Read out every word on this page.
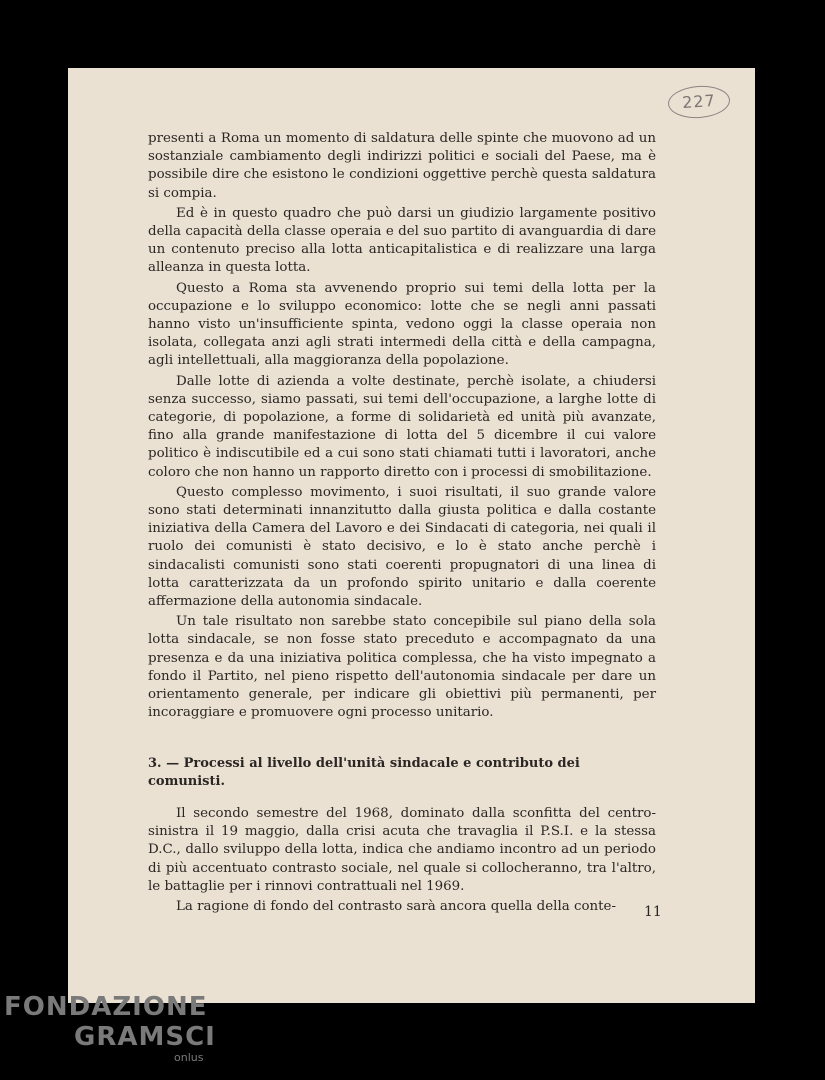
227

presenti a Roma un momento di saldatura delle spinte che muovono ad un sostanziale cambiamento degli indirizzi politici e sociali del Paese, ma è possibile dire che esistono le condizioni oggettive perchè questa saldatura si compia.

Ed è in questo quadro che può darsi un giudizio largamente positivo della capacità della classe operaia e del suo partito di avanguardia di dare un contenuto preciso alla lotta anticapitalistica e di realizzare una larga alleanza in questa lotta.

Questo a Roma sta avvenendo proprio sui temi della lotta per la occupazione e lo sviluppo economico: lotte che se negli anni passati hanno visto un'insufficiente spinta, vedono oggi la classe operaia non isolata, collegata anzi agli strati intermedi della città e della campagna, agli intellettuali, alla maggioranza della popolazione.

Dalle lotte di azienda a volte destinate, perchè isolate, a chiudersi senza successo, siamo passati, sui temi dell'occupazione, a larghe lotte di categorie, di popolazione, a forme di solidarietà ed unità più avanzate, fino alla grande manifestazione di lotta del 5 dicembre il cui valore politico è indiscutibile ed a cui sono stati chiamati tutti i lavoratori, anche coloro che non hanno un rapporto diretto con i processi di smobilitazione.

Questo complesso movimento, i suoi risultati, il suo grande valore sono stati determinati innanzitutto dalla giusta politica e dalla costante iniziativa della Camera del Lavoro e dei Sindacati di categoria, nei quali il ruolo dei comunisti è stato decisivo, e lo è stato anche perchè i sindacalisti comunisti sono stati coerenti propugnatori di una linea di lotta caratterizzata da un profondo spirito unitario e dalla coerente affermazione della autonomia sindacale.

Un tale risultato non sarebbe stato concepibile sul piano della sola lotta sindacale, se non fosse stato preceduto e accompagnato da una presenza e da una iniziativa politica complessa, che ha visto impegnato a fondo il Partito, nel pieno rispetto dell'autonomia sindacale per dare un orientamento generale, per indicare gli obiettivi più permanenti, per incoraggiare e promuovere ogni processo unitario.

3. — Processi al livello dell'unità sindacale e contributo dei comunisti.

Il secondo semestre del 1968, dominato dalla sconfitta del centro-sinistra il 19 maggio, dalla crisi acuta che travaglia il P.S.I. e la stessa D.C., dallo sviluppo della lotta, indica che andiamo incontro ad un periodo di più accentuato contrasto sociale, nel quale si collocheranno, tra l'altro, le battaglie per i rinnovi contrattuali nel 1969.

La ragione di fondo del contrasto sarà ancora quella della conte-	11
FONDAZIONE
GRAMSCI
onlus
